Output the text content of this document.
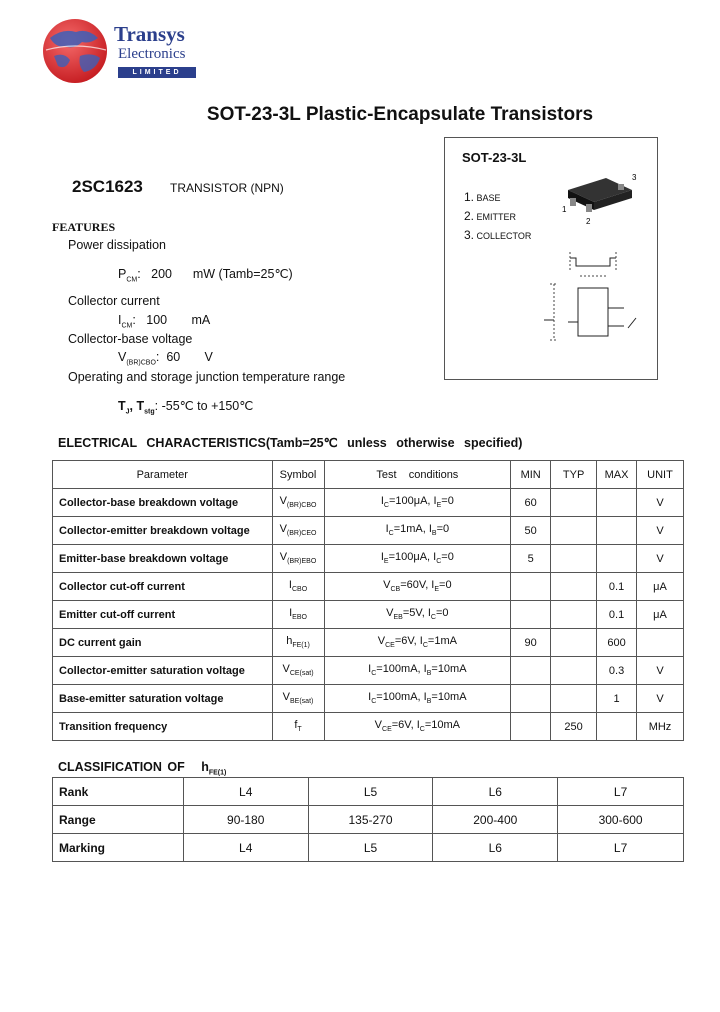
Transys
Electronics
LIMITED
SOT-23-3L Plastic-Encapsulate Transistors
2SC1623 TRANSISTOR (NPN)
FEATURES
Power dissipation
$P_{CM}$:   200 mW (Tamb=25℃)
Collector current
$I_{CM}$:   100 mA
Collector-base voltage
$V_{(BR)CBO}$:  60 V
Operating and storage junction temperature range
$T_J$, $T_{stg}$: -55℃ to +150℃
SOT-23-3L
1. BASE
2. EMITTER
3. COLLECTOR
1
2
3
ELECTRICAL CHARACTERISTICS(Tamb=25℃ unless otherwise specified)
Parameter	Symbol	Test    conditions	MIN	TYP	MAX	UNIT
Collector-base breakdown voltage	$V_{(BR)CBO}$	$I_C=100\mu A$, $I_E=0$	60			V
Collector-emitter breakdown voltage	$V_{(BR)CEO}$	$I_C=1mA$, $I_B=0$	50			V
Emitter-base breakdown voltage	$V_{(BR)EBO}$	$I_E=100\mu A$, $I_C=0$	5			V
Collector cut-off current	$I_{CBO}$	$V_{CB}=60V$, $I_E=0$			0.1	μA
Emitter cut-off current	$I_{EBO}$	$V_{EB}=5V$, $I_C=0$			0.1	μA
DC current gain	$h_{FE(1)}$	$V_{CE}=6V$, $I_C=1mA$	90		600	
Collector-emitter saturation voltage	$V_{CE(sat)}$	$I_C=100mA$, $I_B=10mA$			0.3	V
Base-emitter saturation voltage	$V_{BE(sat)}$	$I_C=100mA$, $I_B=10mA$			1	V
Transition frequency	$f_T$	$V_{CE}=6V$, $I_C=10mA$		250		MHz
CLASSIFICATION OF $h_{FE(1)}$
Rank	L4	L5	L6	L7
Range	90-180	135-270	200-400	300-600
Marking	L4	L5	L6	L7
